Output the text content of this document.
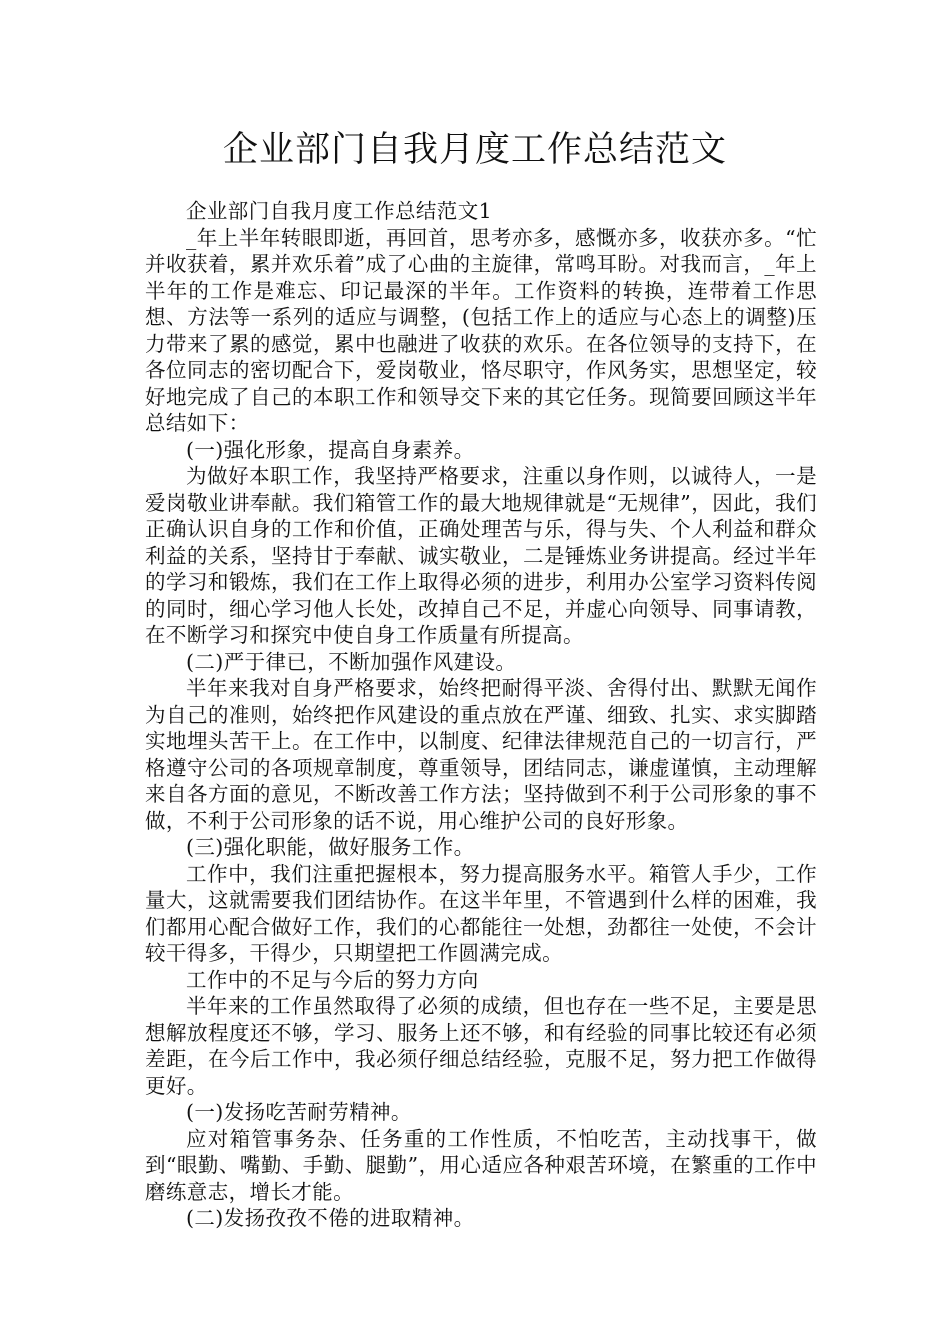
企业部门自我月度工作总结范文

企业部门自我月度工作总结范文1

_年上半年转眼即逝，再回首，思考亦多，感慨亦多，收获亦多。“忙并收获着，累并欢乐着”成了心曲的主旋律，常鸣耳盼。对我而言，_年上半年的工作是难忘、印记最深的半年。工作资料的转换，连带着工作思想、方法等一系列的适应与调整，(包括工作上的适应与心态上的调整)压力带来了累的感觉，累中也融进了收获的欢乐。在各位领导的支持下，在各位同志的密切配合下，爱岗敬业，恪尽职守，作风务实，思想坚定，较好地完成了自己的本职工作和领导交下来的其它任务。现简要回顾这半年总结如下：

(一)强化形象，提高自身素养。

为做好本职工作，我坚持严格要求，注重以身作则，以诚待人，一是爱岗敬业讲奉献。我们箱管工作的最大地规律就是“无规律”，因此，我们正确认识自身的工作和价值，正确处理苦与乐，得与失、个人利益和群众利益的关系，坚持甘于奉献、诚实敬业，二是锤炼业务讲提高。经过半年的学习和锻炼，我们在工作上取得必须的进步，利用办公室学习资料传阅的同时，细心学习他人长处，改掉自己不足，并虚心向领导、同事请教，在不断学习和探究中使自身工作质量有所提高。

(二)严于律已，不断加强作风建设。

半年来我对自身严格要求，始终把耐得平淡、舍得付出、默默无闻作为自己的准则，始终把作风建设的重点放在严谨、细致、扎实、求实脚踏实地埋头苦干上。在工作中，以制度、纪律法律规范自己的一切言行，严格遵守公司的各项规章制度，尊重领导，团结同志，谦虚谨慎，主动理解来自各方面的意见，不断改善工作方法；坚持做到不利于公司形象的事不做，不利于公司形象的话不说，用心维护公司的良好形象。

(三)强化职能，做好服务工作。

工作中，我们注重把握根本，努力提高服务水平。箱管人手少，工作量大，这就需要我们团结协作。在这半年里，不管遇到什么样的困难，我们都用心配合做好工作，我们的心都能往一处想，劲都往一处使，不会计较干得多，干得少，只期望把工作圆满完成。

工作中的不足与今后的努力方向

半年来的工作虽然取得了必须的成绩，但也存在一些不足，主要是思想解放程度还不够，学习、服务上还不够，和有经验的同事比较还有必须差距，在今后工作中，我必须仔细总结经验，克服不足，努力把工作做得更好。

(一)发扬吃苦耐劳精神。

应对箱管事务杂、任务重的工作性质，不怕吃苦，主动找事干，做到“眼勤、嘴勤、手勤、腿勤”，用心适应各种艰苦环境，在繁重的工作中磨练意志，增长才能。

(二)发扬孜孜不倦的进取精神。
